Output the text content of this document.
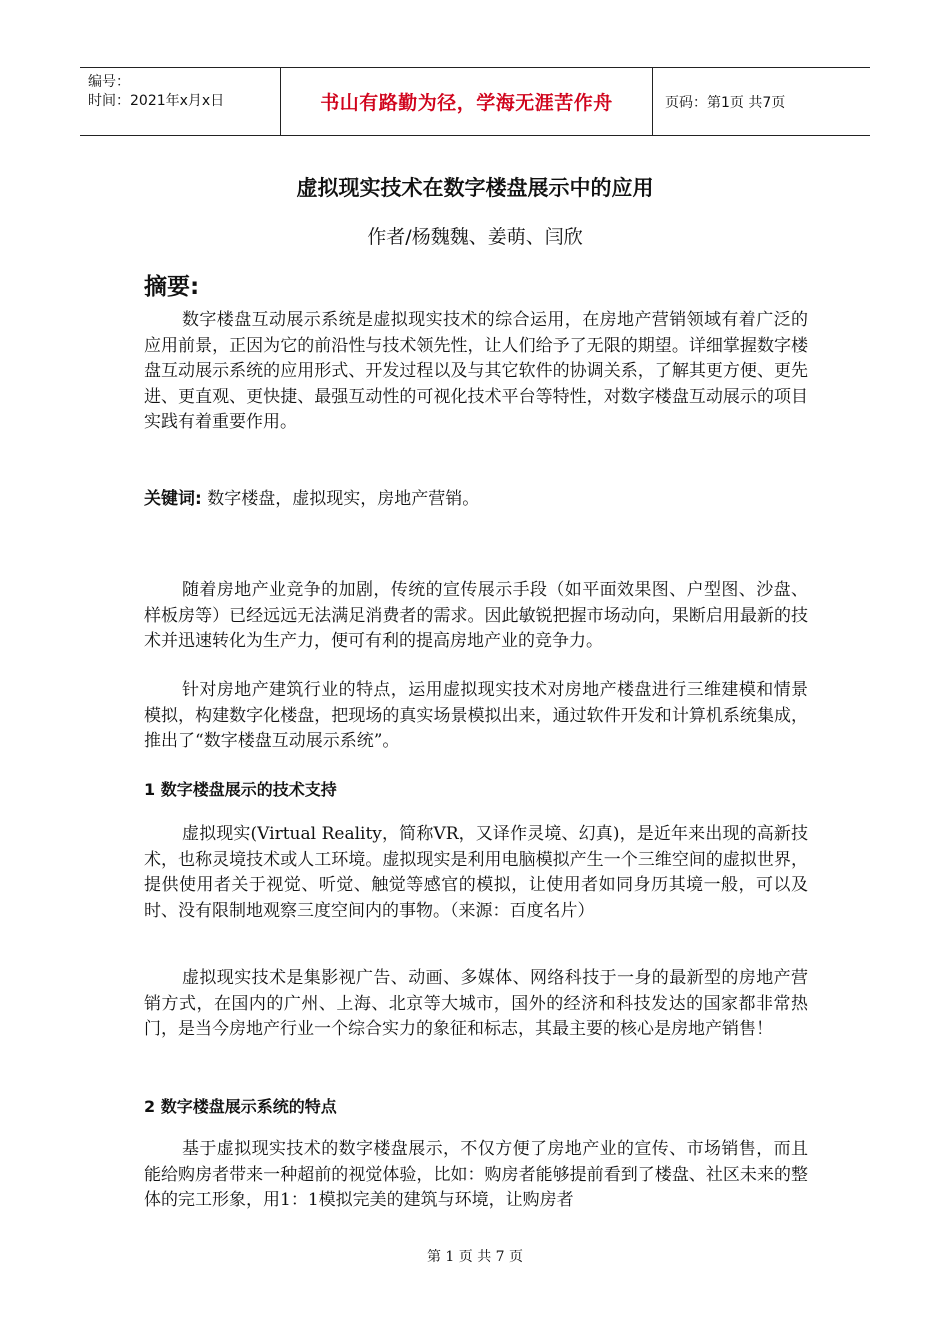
编号：
时间：2021年x月x日	书山有路勤为径，学海无涯苦作舟	页码：第1页 共7页
虚拟现实技术在数字楼盘展示中的应用
作者/杨魏魏、姜萌、闫欣
摘要:

数字楼盘互动展示系统是虚拟现实技术的综合运用，在房地产营销领域有着广泛的应用前景，正因为它的前沿性与技术领先性，让人们给予了无限的期望。详细掌握数字楼盘互动展示系统的应用形式、开发过程以及与其它软件的协调关系，了解其更方便、更先进、更直观、更快捷、最强互动性的可视化技术平台等特性，对数字楼盘互动展示的项目实践有着重要作用。

关键词: 数字楼盘，虚拟现实，房地产营销。

随着房地产业竞争的加剧，传统的宣传展示手段（如平面效果图、户型图、沙盘、样板房等）已经远远无法满足消费者的需求。因此敏锐把握市场动向，果断启用最新的技术并迅速转化为生产力，便可有利的提高房地产业的竞争力。

针对房地产建筑行业的特点，运用虚拟现实技术对房地产楼盘进行三维建模和情景模拟，构建数字化楼盘，把现场的真实场景模拟出来，通过软件开发和计算机系统集成，推出了“数字楼盘互动展示系统”。

1 数字楼盘展示的技术支持

虚拟现实(Virtual Reality，简称VR，又译作灵境、幻真)，是近年来出现的高新技术，也称灵境技术或人工环境。虚拟现实是利用电脑模拟产生一个三维空间的虚拟世界，提供使用者关于视觉、听觉、触觉等感官的模拟，让使用者如同身历其境一般，可以及时、没有限制地观察三度空间内的事物。（来源：百度名片）

虚拟现实技术是集影视广告、动画、多媒体、网络科技于一身的最新型的房地产营销方式，在国内的广州、上海、北京等大城市，国外的经济和科技发达的国家都非常热门，是当今房地产行业一个综合实力的象征和标志，其最主要的核心是房地产销售！

2 数字楼盘展示系统的特点

基于虚拟现实技术的数字楼盘展示，不仅方便了房地产业的宣传、市场销售，而且能给购房者带来一种超前的视觉体验，比如：购房者能够提前看到了楼盘、社区未来的整体的完工形象，用1：1模拟完美的建筑与环境，让购房者

第 1 页 共 7 页
